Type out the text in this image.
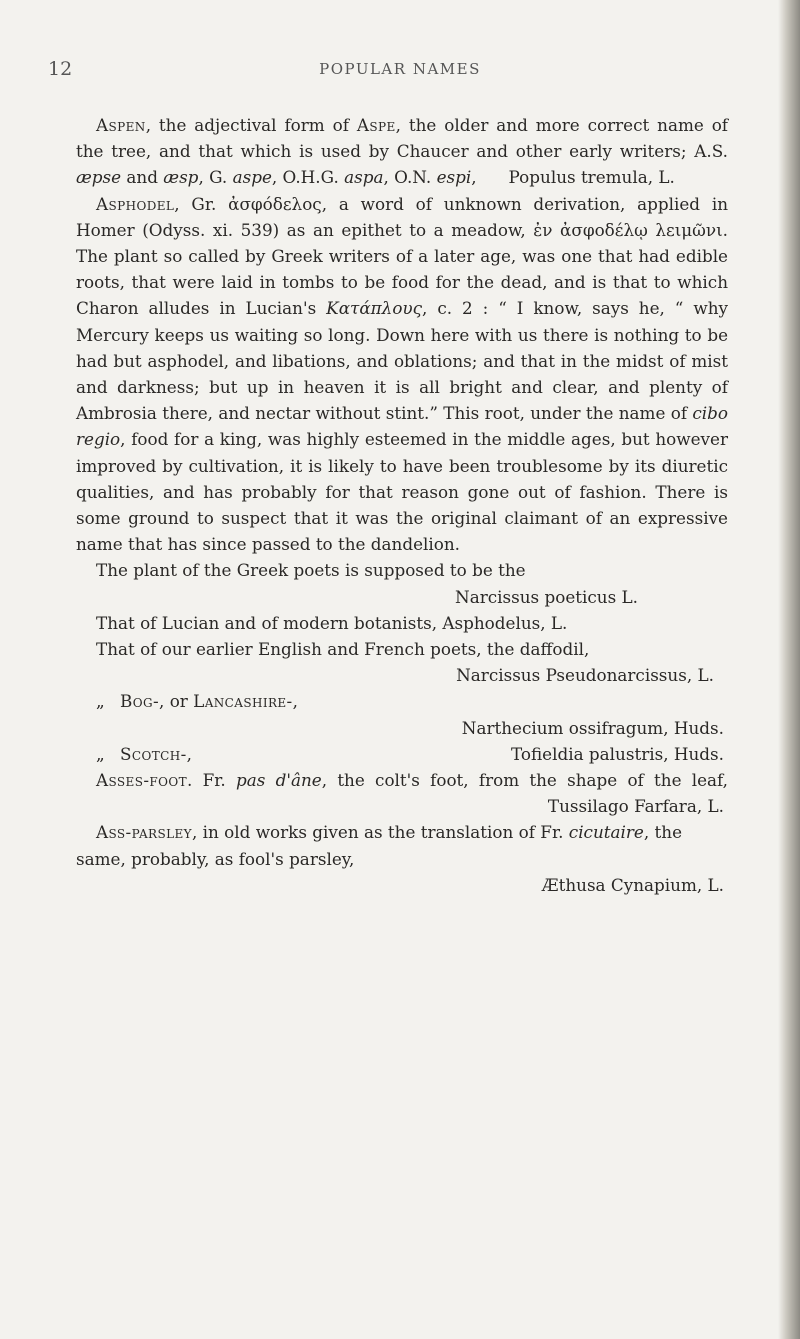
12	POPULAR NAMES

Aspen, the adjectival form of Aspe, the older and more correct name of the tree, and that which is used by Chaucer and other early writers; A.S. æpse and æsp, G. aspe, O.H.G. aspa, O.N. espi,      Populus tremula, L.

Asphodel, Gr. ἀσφόδελος, a word of unknown derivation, applied in Homer (Odyss. xi. 539) as an epithet to a meadow, ἐν ἀσφοδέλῳ λειμῶνι. The plant so called by Greek writers of a later age, was one that had edible roots, that were laid in tombs to be food for the dead, and is that to which Charon alludes in Lucian's Κατάπλους, c. 2 : “ I know, says he, “ why Mercury keeps us waiting so long. Down here with us there is nothing to be had but asphodel, and libations, and oblations; and that in the midst of mist and darkness; but up in heaven it is all bright and clear, and plenty of Ambrosia there, and nectar without stint.” This root, under the name of cibo regio, food for a king, was highly esteemed in the middle ages, but however improved by cultivation, it is likely to have been troublesome by its diuretic qualities, and has probably for that reason gone out of fashion. There is some ground to suspect that it was the original claimant of an expressive name that has since passed to the dandelion.

The plant of the Greek poets is supposed to be the

Narcissus poeticus L.

That of Lucian and of modern botanists, Asphodelus, L.

That of our earlier English and French poets, the daffodil,

Narcissus Pseudonarcissus, L.

„ Bog-, or Lancashire-,

Narthecium ossifragum, Huds.

„ Scotch-,	Tofieldia palustris, Huds.

Asses-foot. Fr. pas d'âne, the colt's foot, from the shape of the leaf,
Tussilago Farfara, L.

Ass-parsley, in old works given as the translation of Fr. cicutaire, the same, probably, as fool's parsley,

Æthusa Cynapium, L.
